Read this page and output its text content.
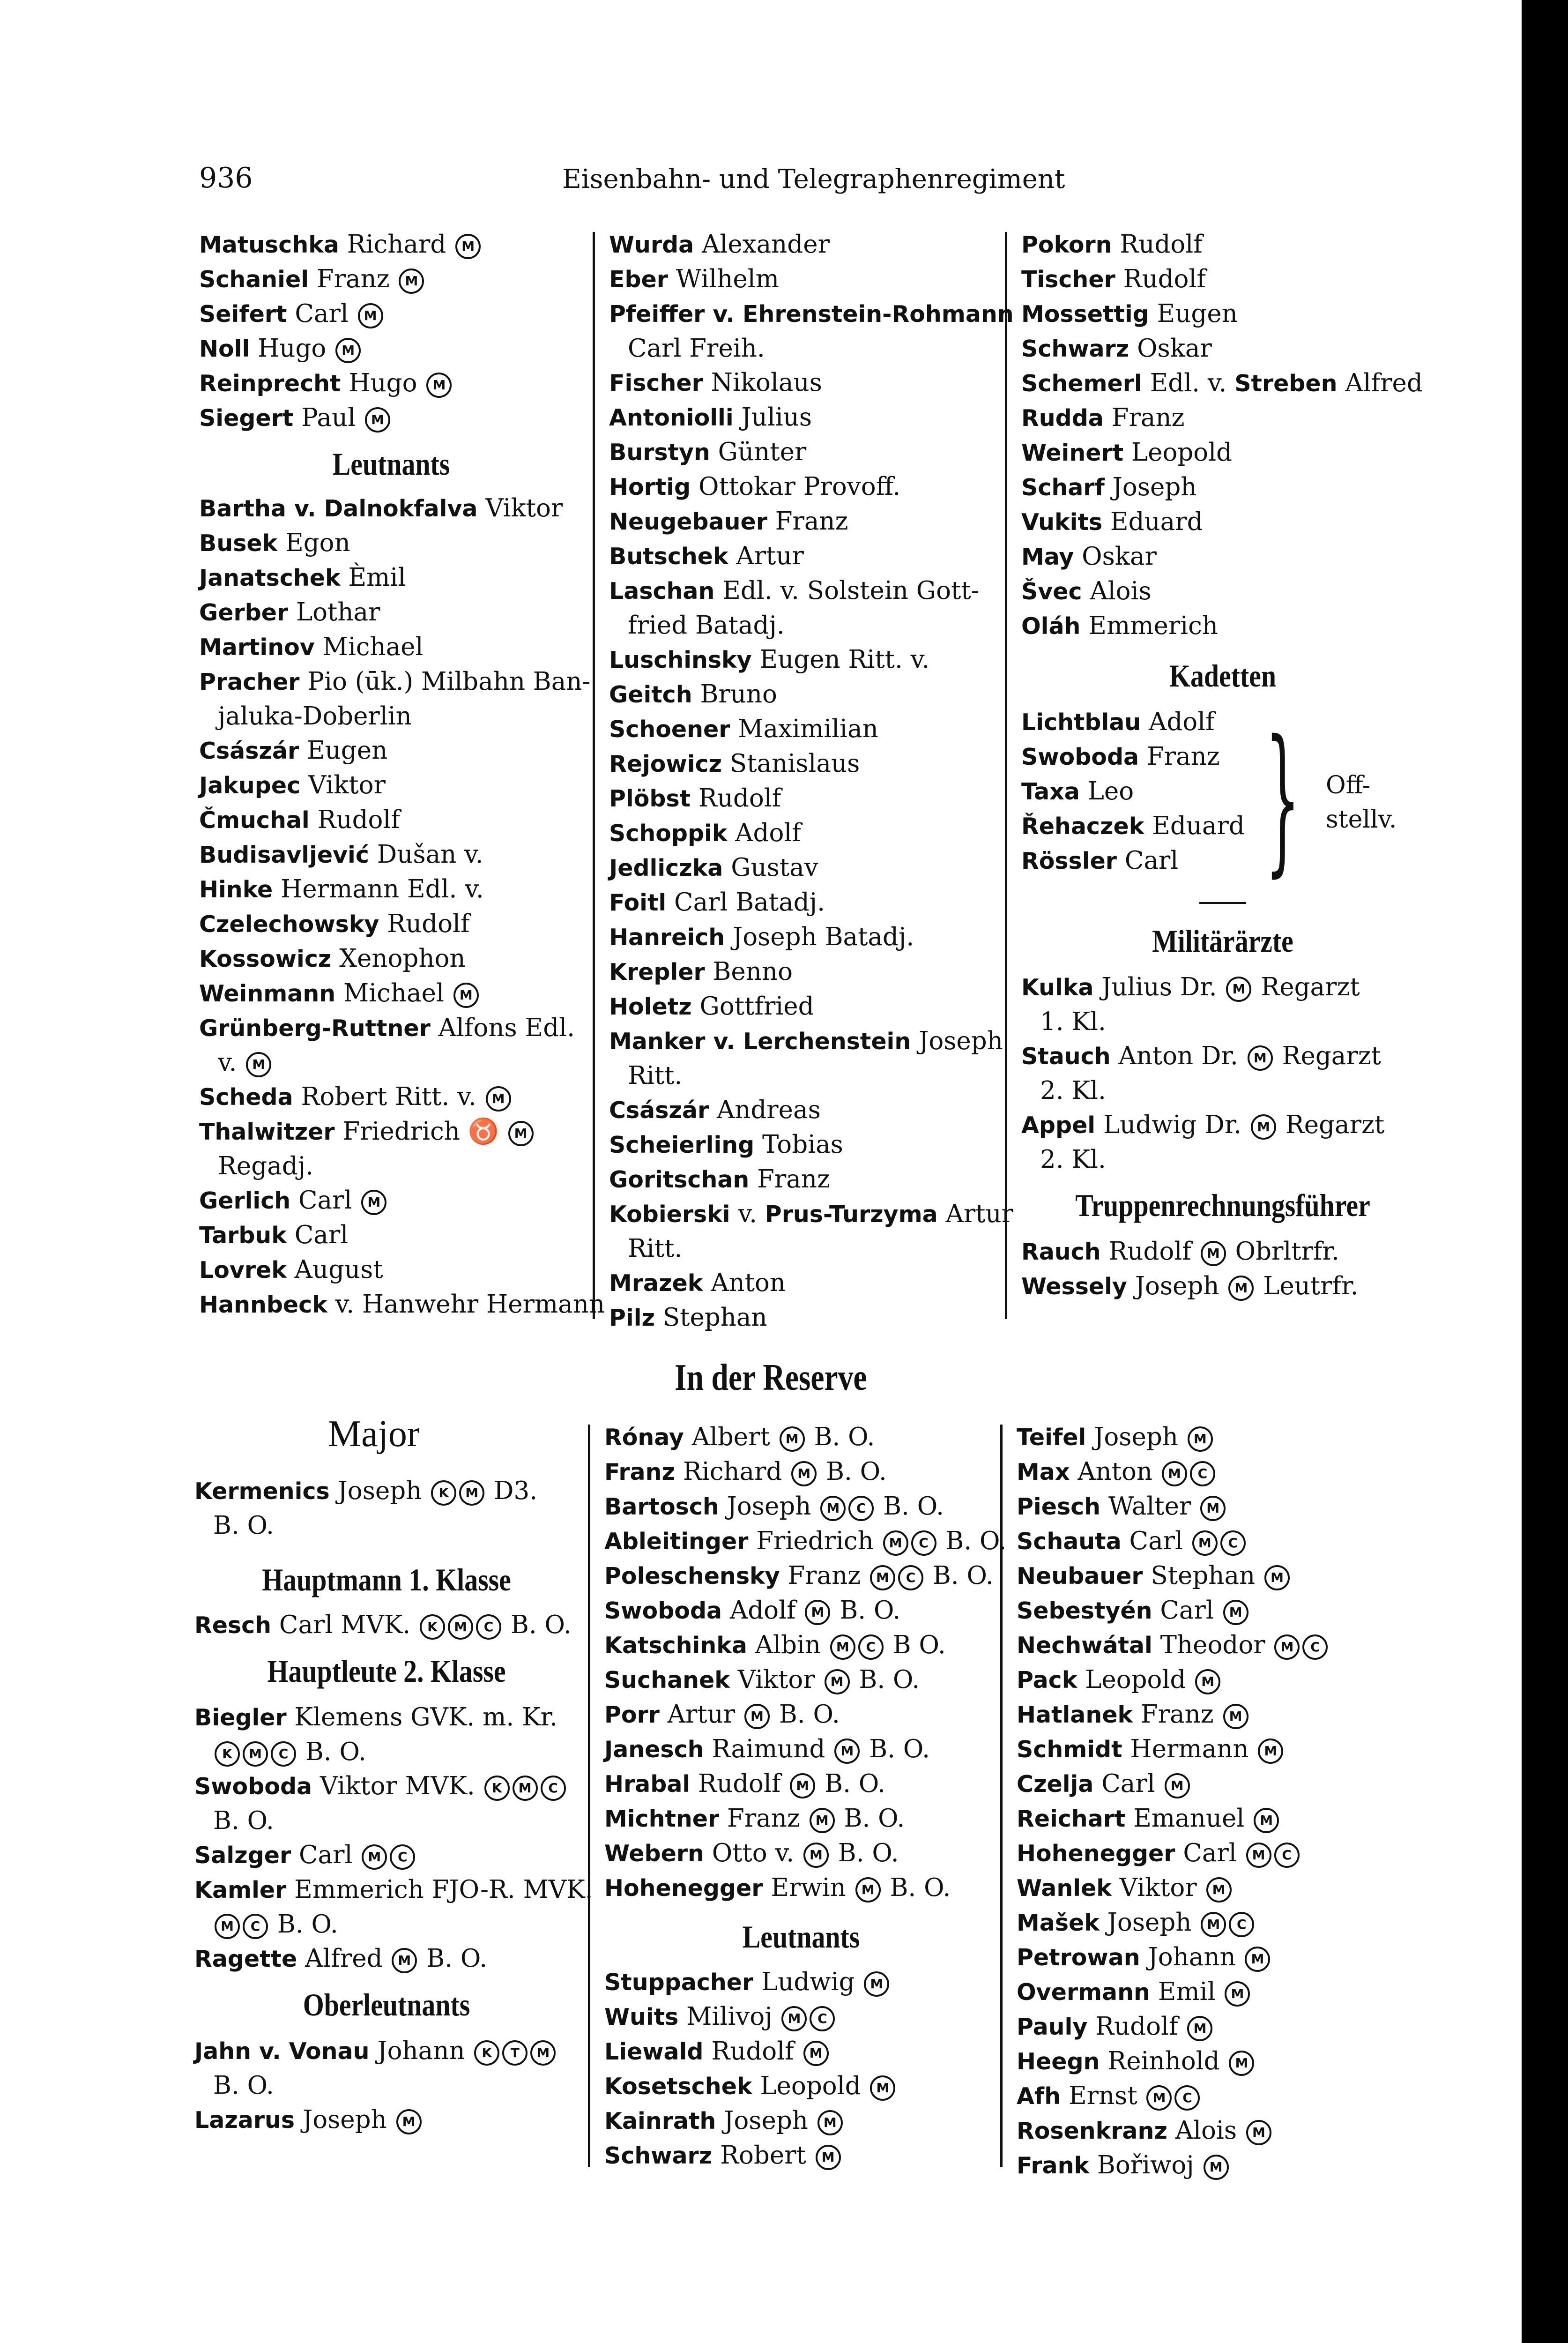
936	Eisenbahn- und Telegraphenregiment
Matuschka Richard M
Schaniel Franz M
Seifert Carl M
Noll Hugo M
Reinprecht Hugo M
Siegert Paul M
Leutnants
Bartha v. Dalnokfalva Viktor
Busek Egon
Janatschek Èmil
Gerber Lothar
Martinov Michael
Pracher Pio (ūk.) Milbahn Ban-
jaluka-Doberlin
Császár Eugen
Jakupec Viktor
Čmuchal Rudolf
Budisavljević Dušan v.
Hinke Hermann Edl. v.
Czelechowsky Rudolf
Kossowicz Xenophon
Weinmann Michael M
Grünberg-Ruttner Alfons Edl.
v. M
Scheda Robert Ritt. v. M
Thalwitzer Friedrich ♉ M
Regadj.
Gerlich Carl M
Tarbuk Carl
Lovrek August
Hannbeck v. Hanwehr Hermann
Wurda Alexander
Eber Wilhelm
Pfeiffer v. Ehrenstein-Rohmann
Carl Freih.
Fischer Nikolaus
Antoniolli Julius
Burstyn Günter
Hortig Ottokar Provoff.
Neugebauer Franz
Butschek Artur
Laschan Edl. v. Solstein Gott-
fried Batadj.
Luschinsky Eugen Ritt. v.
Geitch Bruno
Schoener Maximilian
Rejowicz Stanislaus
Plöbst Rudolf
Schoppik Adolf
Jedliczka Gustav
Foitl Carl Batadj.
Hanreich Joseph Batadj.
Krepler Benno
Holetz Gottfried
Manker v. Lerchenstein Joseph
Ritt.
Császár Andreas
Scheierling Tobias
Goritschan Franz
Kobierski v. Prus-Turzyma Artur
Ritt.
Mrazek Anton
Pilz Stephan
Pokorn Rudolf
Tischer Rudolf
Mossettig Eugen
Schwarz Oskar
Schemerl Edl. v. Streben Alfred
Rudda Franz
Weinert Leopold
Scharf Joseph
Vukits Eduard
May Oskar
Švec Alois
Oláh Emmerich
Kadetten
Lichtblau Adolf
Swoboda Franz
Taxa Leo
Řehaczek Eduard
Rössler Carl
Militärärzte
Kulka Julius Dr. M Regarzt
1. Kl.
Stauch Anton Dr. M Regarzt
2. Kl.
Appel Ludwig Dr. M Regarzt
2. Kl.
Truppenrechnungsführer
Rauch Rudolf M Obrltrfr.
Wessely Joseph M Leutrfr.
} Off-
stellv.
In der Reserve
Major
Kermenics Joseph K M D3.
B. O.
Hauptmann 1. Klasse
Resch Carl MVK. K M C B. O.
Hauptleute 2. Klasse
Biegler Klemens GVK. m. Kr.
K M C B. O.
Swoboda Viktor MVK. K M C
B. O.
Salzger Carl M C
Kamler Emmerich FJO-R. MVK.
M C B. O.
Ragette Alfred M B. O.
Oberleutnants
Jahn v. Vonau Johann K T M
B. O.
Lazarus Joseph M
Rónay Albert M B. O.
Franz Richard M B. O.
Bartosch Joseph M C B. O.
Ableitinger Friedrich M C B. O.
Poleschensky Franz M C B. O.
Swoboda Adolf M B. O.
Katschinka Albin M C B O.
Suchanek Viktor M B. O.
Porr Artur M B. O.
Janesch Raimund M B. O.
Hrabal Rudolf M B. O.
Michtner Franz M B. O.
Webern Otto v. M B. O.
Hohenegger Erwin M B. O.
Leutnants
Stuppacher Ludwig M
Wuits Milivoj M C
Liewald Rudolf M
Kosetschek Leopold M
Kainrath Joseph M
Schwarz Robert M
Teifel Joseph M
Max Anton M C
Piesch Walter M
Schauta Carl M C
Neubauer Stephan M
Sebestyén Carl M
Nechwátal Theodor M C
Pack Leopold M
Hatlanek Franz M
Schmidt Hermann M
Czelja Carl M
Reichart Emanuel M
Hohenegger Carl M C
Wanlek Viktor M
Mašek Joseph M C
Petrowan Johann M
Overmann Emil M
Pauly Rudolf M
Heegn Reinhold M
Afh Ernst M C
Rosenkranz Alois M
Frank Bořiwoj M
